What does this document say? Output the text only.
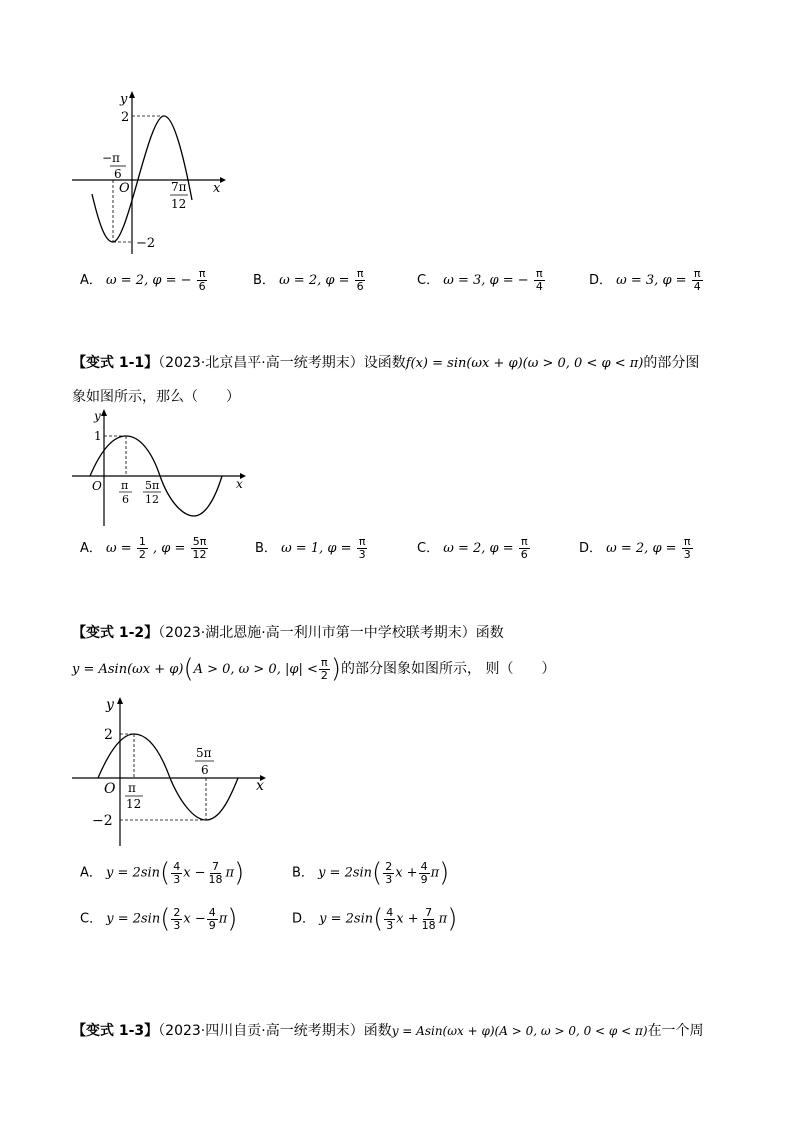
y
x
O
2
−2
−π
6
7π
12
A． ω = 2, φ = − $\frac{\pi}{6}$	B． ω = 2, $\varphi = \frac{\pi}{6}$	C． ω = 3, φ = − $\frac{\pi}{4}$	D． ω = 3, $\varphi = \frac{\pi}{4}$
【变式 1-1】（2023·北京昌平·高一统考期末）设函数f(x) = sin(ωx + φ)(ω > 0, 0 < φ < π)的部分图
象如图所示，那么（　　）
y
x
O
1
π
6
5π
12
A． $\omega = \frac{1}{2}$ , $\varphi = \frac{5\pi}{12}$	B． ω = 1, $\varphi = \frac{\pi}{3}$	C． ω = 2, $\varphi = \frac{\pi}{6}$	D． ω = 2, $\varphi = \frac{\pi}{3}$
【变式 1-2】（2023·湖北恩施·高一利川市第一中学校联考期末）函数
y = Asin(ωx + φ)(A > 0, ω > 0, $|\varphi| < \frac{\pi}{2}$ )的部分图象如图所示， 则（　　）
y
x
O
2
−2
π
12
5π
6
A． $y = 2\sin( \frac{4}{3}$ $x - \frac{7}{18} \pi$)	B． $y = 2\sin( \frac{2}{3}$ $x + \frac{4}{9} \pi$)
C． $y = 2\sin( \frac{2}{3}$ $x - \frac{4}{9} \pi$)	D． $y = 2\sin( \frac{4}{3}$ $x + \frac{7}{18} \pi$)
【变式 1-3】（2023·四川自贡·高一统考期末）函数y = Asin(ωx + φ)(A > 0, ω > 0, 0 < φ < π)在一个周
